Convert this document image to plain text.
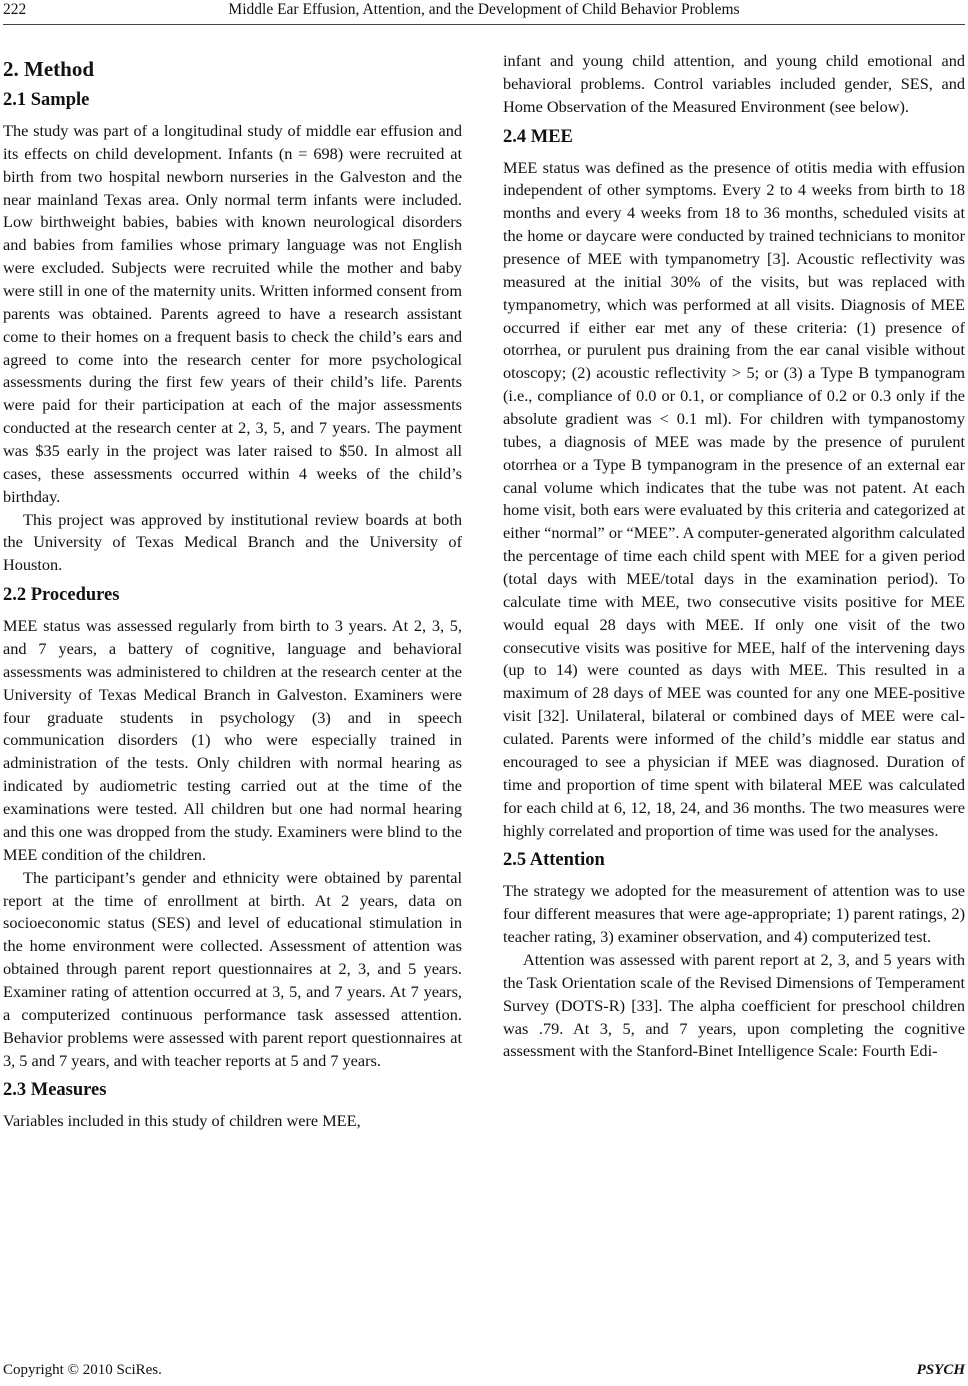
222	Middle Ear Effusion, Attention, and the Development of Child Behavior Problems
2. Method
2.1 Sample

The study was part of a longitudinal study of middle ear effusion and its effects on child development. Infants (n = 698) were recruited at birth from two hospital newborn nurseries in the Galveston and the near mainland Texas area. Only normal term infants were included. Low birthweight babies, babies with known neurological disorders and babies from families whose primary language was not English were excluded. Subjects were recruited while the mother and baby were still in one of the maternity units. Written informed consent from parents was obtained. Parents agreed to have a research assistant come to their homes on a frequent basis to check the child’s ears and agreed to come into the research center for more psychological assessments during the first few years of their child’s life. Parents were paid for their participation at each of the major assessments conducted at the research center at 2, 3, 5, and 7 years. The payment was $35 early in the project was later raised to $50. In almost all cases, these assessments occurred within 4 weeks of the child’s birthday.

This project was approved by institutional review boards at both the University of Texas Medical Branch and the University of Houston.

2.2 Procedures

MEE status was assessed regularly from birth to 3 years. At 2, 3, 5, and 7 years, a battery of cognitive, language and behavioral assessments was administered to children at the research center at the University of Texas Medical Branch in Galveston. Examiners were four graduate students in psychology (3) and in speech communication disorders (1) who were especially trained in administration of the tests. Only children with normal hearing as indicated by audiometric testing carried out at the time of the examinations were tested. All children but one had normal hearing and this one was dropped from the study. Examiners were blind to the MEE condition of the children.

The participant’s gender and ethnicity were obtained by parental report at the time of enrollment at birth. At 2 years, data on socioeconomic status (SES) and level of educational stimulation in the home environment were collected. Assessment of attention was obtained through parent report questionnaires at 2, 3, and 5 years. Examiner rating of attention occurred at 3, 5, and 7 years. At 7 years, a computerized continuous performance task assessed attention. Behavior problems were assessed with parent report questionnaires at 3, 5 and 7 years, and with teacher reports at 5 and 7 years.

2.3 Measures

Variables included in this study of children were MEE,

infant and young child attention, and young child emotional and behavioral problems. Control variables included gender, SES, and Home Observation of the Measured Environment (see below).

2.4 MEE

MEE status was defined as the presence of otitis media with effusion independent of other symptoms. Every 2 to 4 weeks from birth to 18 months and every 4 weeks from 18 to 36 months, scheduled visits at the home or daycare were conducted by trained technicians to monitor presence of MEE with tympanometry [3]. Acoustic reflectivity was measured at the initial 30% of the visits, but was replaced with tympanometry, which was performed at all visits. Diagnosis of MEE occurred if either ear met any of these criteria: (1) presence of otorrhea, or purulent pus draining from the ear canal visible without otoscopy; (2) acoustic reflectivity > 5; or (3) a Type B tympanogram (i.e., compliance of 0.0 or 0.1, or compliance of 0.2 or 0.3 only if the absolute gradient was < 0.1 ml). For children with tympanostomy tubes, a diagnosis of MEE was made by the presence of purulent otorrhea or a Type B tympanogram in the presence of an external ear canal volume which indicates that the tube was not patent. At each home visit, both ears were evaluated by this criteria and categorized at either “normal” or “MEE”. A computer-generated algorithm calculated the percentage of time each child spent with MEE for a given period (total days with MEE/total days in the examination period). To calculate time with MEE, two consecutive visits positive for MEE would equal 28 days with MEE. If only one visit of the two consecutive visits was positive for MEE, half of the intervening days (up to 14) were counted as days with MEE. This resulted in a maximum of 28 days of MEE was counted for any one MEE-positive visit [32]. Unilateral, bilateral or combined days of MEE were calculated. Parents were informed of the child’s middle ear status and encouraged to see a physician if MEE was diagnosed. Duration of time and proportion of time spent with bilateral MEE was calculated for each child at 6, 12, 18, 24, and 36 months. The two measures were highly correlated and proportion of time was used for the analyses.

2.5 Attention

The strategy we adopted for the measurement of attention was to use four different measures that were age-appropriate; 1) parent ratings, 2) teacher rating, 3) examiner observation, and 4) computerized test.

Attention was assessed with parent report at 2, 3, and 5 years with the Task Orientation scale of the Revised Dimensions of Temperament Survey (DOTS-R) [33]. The alpha coefficient for preschool children was .79. At 3, 5, and 7 years, upon completing the cognitive assessment with the Stanford-Binet Intelligence Scale: Fourth Edi-

Copyright © 2010 SciRes.	PSYCH
